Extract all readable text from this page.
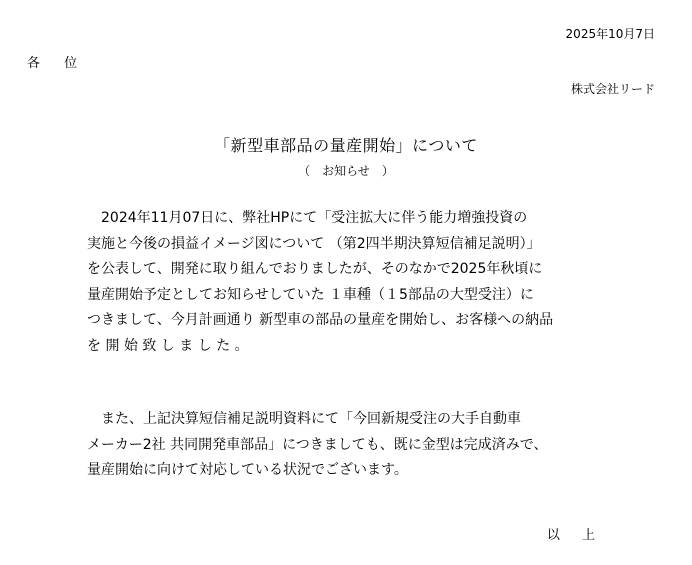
2025年10月7日
各 位
株式会社リード
「新型車部品の量産開始」について
（　お知らせ　）
　2024年11月07日に、弊社HPにて「受注拡大に伴う能力増強投資の
実施と今後の損益イメージ図について （第2四半期決算短信補足説明）」
を公表して、開発に取り組んでおりましたが、そのなかで2025年秋頃に
量産開始予定としてお知らせしていた １車種（１5部品の大型受注）に
つきまして、今月計画通り 新型車の部品の量産を開始し、お客様への納品
を 開 始 致 し ま し た 。
　また、上記決算短信補足説明資料にて「今回新規受注の大手自動車
メーカー2社 共同開発車部品」につきましても、既に金型は完成済みで、
量産開始に向けて対応している状況でございます。
以 上
